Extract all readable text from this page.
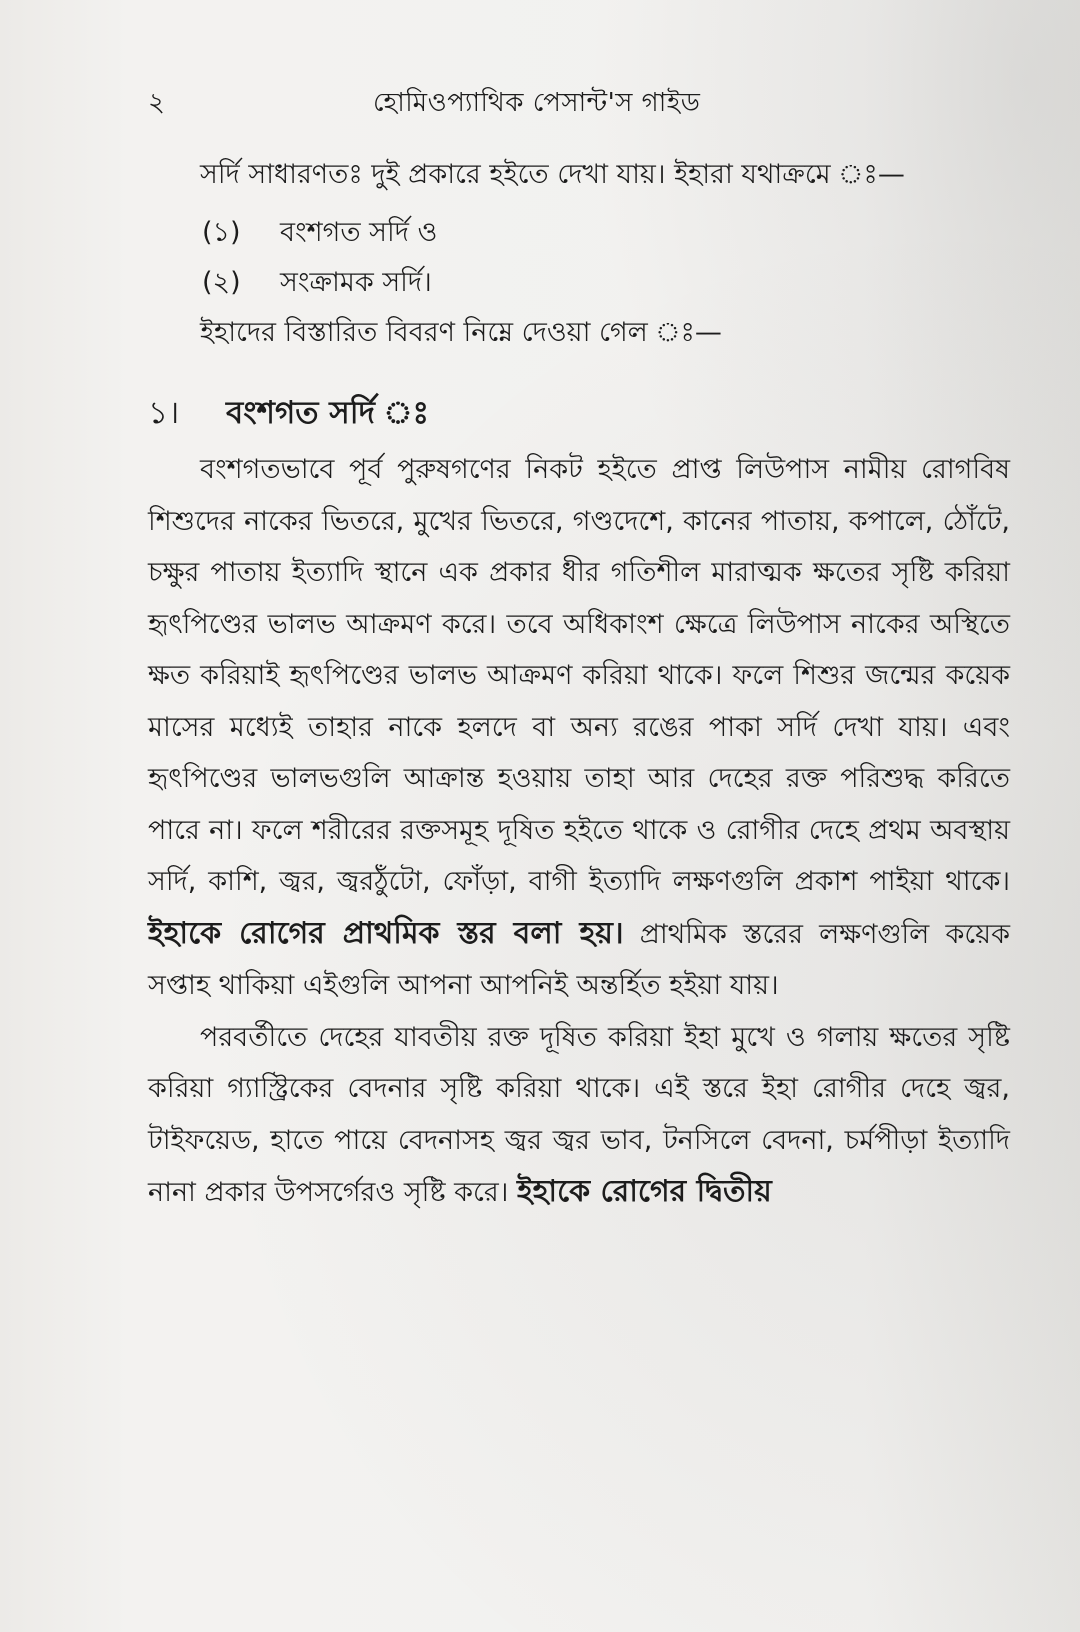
২	হোমিওপ্যাথিক পেসান্ট'স গাইড

সর্দি সাধারণতঃ দুই প্রকারে হইতে দেখা যায়। ইহারা যথাক্রমে ঃ—

(১) বংশগত সর্দি ও

(২) সংক্রামক সর্দি।

ইহাদের বিস্তারিত বিবরণ নিম্নে দেওয়া গেল ঃ—

১। বংশগত সর্দি ঃ

বংশগতভাবে পূর্ব পুরুষগণের নিকট হইতে প্রাপ্ত লিউপাস নামীয় রোগবিষ শিশুদের নাকের ভিতরে, মুখের ভিতরে, গণ্ডদেশে, কানের পাতায়, কপালে, ঠোঁটে, চক্ষুর পাতায় ইত্যাদি স্থানে এক প্রকার ধীর গতিশীল মারাত্মক ক্ষতের সৃষ্টি করিয়া হৃৎপিণ্ডের ভালভ আক্রমণ করে। তবে অধিকাংশ ক্ষেত্রে লিউপাস নাকের অস্থিতে ক্ষত করিয়াই হৃৎপিণ্ডের ভালভ আক্রমণ করিয়া থাকে। ফলে শিশুর জন্মের কয়েক মাসের মধ্যেই তাহার নাকে হলদে বা অন্য রঙের পাকা সর্দি দেখা যায়। এবং হৃৎপিণ্ডের ভালভগুলি আক্রান্ত হওয়ায় তাহা আর দেহের রক্ত পরিশুদ্ধ করিতে পারে না। ফলে শরীরের রক্তসমূহ দূষিত হইতে থাকে ও রোগীর দেহে প্রথম অবস্থায় সর্দি, কাশি, জ্বর, জ্বরঠুঁটো, ফোঁড়া, বাগী ইত্যাদি লক্ষণগুলি প্রকাশ পাইয়া থাকে। ইহাকে রোগের প্রাথমিক স্তর বলা হয়। প্রাথমিক স্তরের লক্ষণগুলি কয়েক সপ্তাহ থাকিয়া এইগুলি আপনা আপনিই অন্তর্হিত হইয়া যায়।

পরবর্তীতে দেহের যাবতীয় রক্ত দূষিত করিয়া ইহা মুখে ও গলায় ক্ষতের সৃষ্টি করিয়া গ্যাস্ট্রিকের বেদনার সৃষ্টি করিয়া থাকে। এই স্তরে ইহা রোগীর দেহে জ্বর, টাইফয়েড, হাতে পায়ে বেদনাসহ জ্বর জ্বর ভাব, টনসিলে বেদনা, চর্মপীড়া ইত্যাদি নানা প্রকার উপসর্গেরও সৃষ্টি করে। ইহাকে রোগের দ্বিতীয়
